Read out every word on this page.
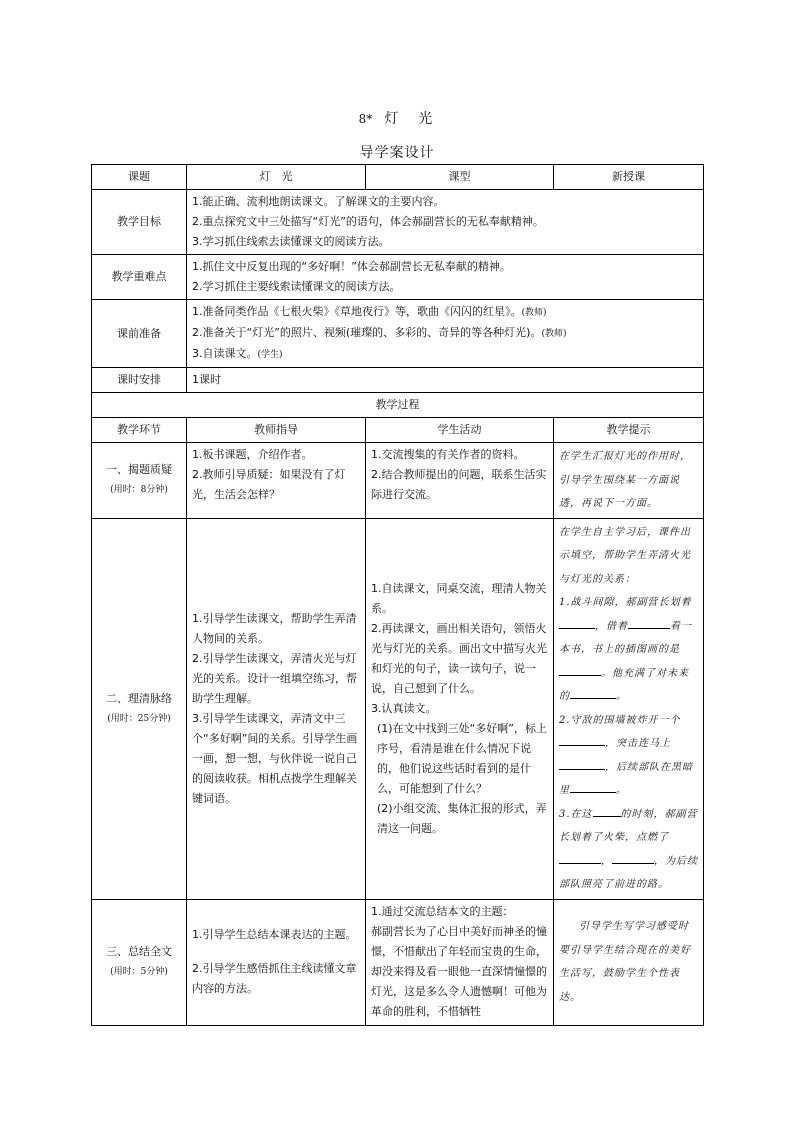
8* 灯　光
导学案设计
课题	灯　光	课型	新授课
教学目标	1.能正确、流利地朗读课文。了解课文的主要内容。
2.重点探究文中三处描写“灯光”的语句，体会郝副营长的无私奉献精神。
3.学习抓住线索去读懂课文的阅读方法。		

教学重难点	1.抓住文中反复出现的“多好啊！”体会郝副营长无私奉献的精神。
2.学习抓住主要线索读懂课文的阅读方法。		

课前准备	1.准备同类作品《七根火柴》《草地夜行》等，歌曲《闪闪的红星》。(教师)
2.准备关于“灯光”的照片、视频(璀璨的、多彩的、奇异的等各种灯光)。(教师)
3.自读课文。(学生)		

课时安排	1课时		
教学过程			
教学环节	教师指导	学生活动	教学提示

一、揭题质疑
(用时：8分钟)	1.板书课题，介绍作者。
2.教师引导质疑：如果没有了灯光，生活会怎样？	1.交流搜集的有关作者的资料。
2.结合教师提出的问题，联系生活实际进行交流。	在学生汇报灯光的作用时，引导学生围绕某一方面说透，再说下一方面。

二、理清脉络
(用时：25分钟)	1.引导学生读课文，帮助学生弄清人物间的关系。
2.引导学生读课文，弄清火光与灯光的关系。设计一组填空练习，帮助学生理解。
3.引导学生读课文，弄清文中三个“多好啊”间的关系。引导学生画一画，想一想，与伙伴说一说自己的阅读收获。相机点拨学生理解关键词语。	1.自读课文，同桌交流，理清人物关系。
2.再读课文，画出相关语句，领悟火光与灯光的关系。画出文中描写火光和灯光的句子，读一读句子，说一说，自己想到了什么。
3.认真读文。
(1)在文中找到三处“多好啊”，标上序号，看清是谁在什么情况下说的，他们说这些话时看到的是什么，可能想到了什么？
(2)小组交流、集体汇报的形式，弄清这一问题。	在学生自主学习后，课件出示填空，帮助学生弄清火光与灯光的关系：
1.战斗间隙，郝副营长划着，借着 看一本书，书上的插图画的是。他充满了对未来的 。
2.守敌的围墙被炸开一个，突击连马上，后续部队在黑暗里 。
3.在这 的时刻，郝副营长划着了火柴，点燃了， ，为后续部队照亮了前进的路。

三、总结全文
(用时：5分钟)	1.引导学生总结本课表达的主题。
2.引导学生感悟抓住主线读懂文章内容的方法。	1.通过交流总结本文的主题：
郝副营长为了心目中美好而神圣的憧憬，不惜献出了年轻而宝贵的生命，却没来得及看一眼他一直深情憧憬的灯光，这是多么令人遗憾啊！可他为革命的胜利，不惜牺牲	引导学生写学习感受时要引导学生结合现在的美好生活写，鼓励学生个性表达。
